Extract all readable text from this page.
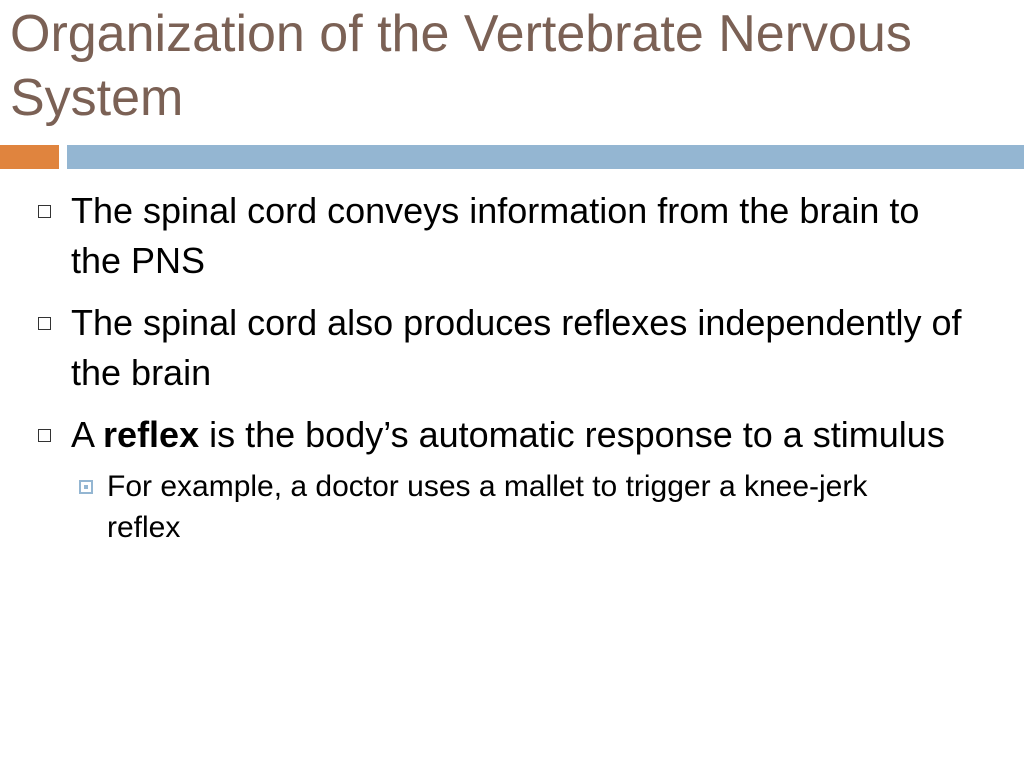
Organization of the Vertebrate Nervous System
The spinal cord conveys information from the brain to the PNS
The spinal cord also produces reflexes independently of the brain
A reflex is the body’s automatic response to a stimulus
For example, a doctor uses a mallet to trigger a knee-jerk reflex
